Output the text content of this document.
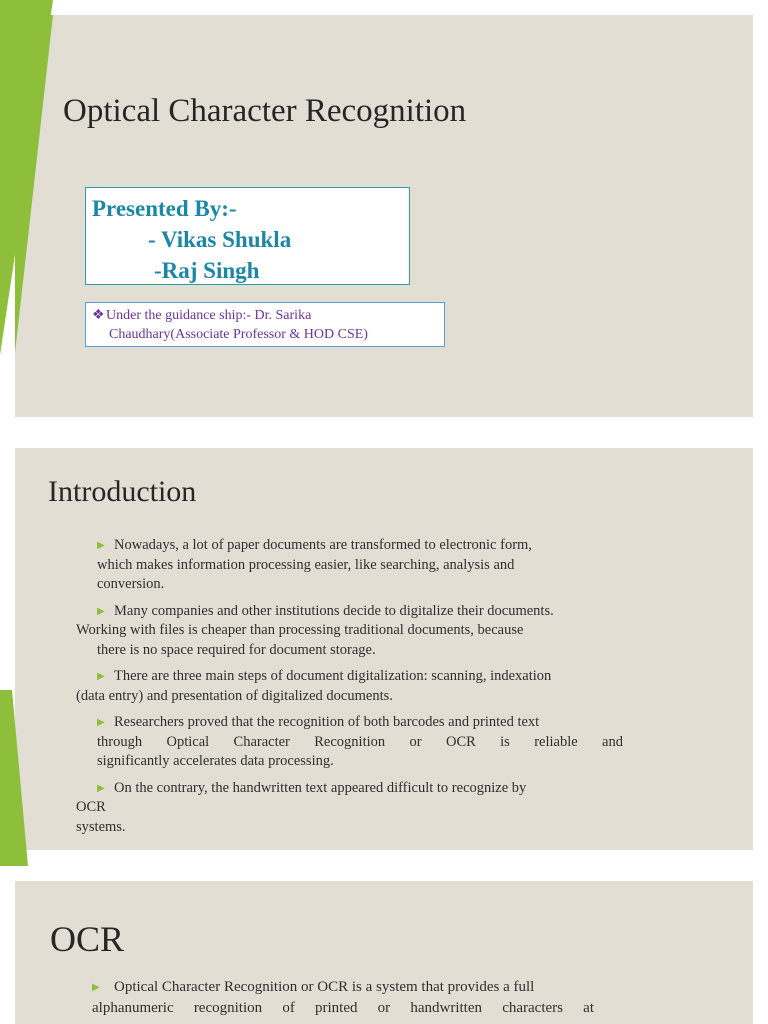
Optical Character Recognition
Presented By:-
- Vikas Shukla
-Raj Singh
❖Under the guidance ship:- Dr. Sarika
Chaudhary(Associate Professor & HOD CSE)
Introduction
▶ Nowadays, a lot of paper documents are transformed to electronic form,
which makes information processing easier, like searching, analysis and
conversion.
▶ Many companies and other institutions decide to digitalize their documents.
Working with files is cheaper than processing traditional documents, because
there is no space required for document storage.
▶ There are three main steps of document digitalization: scanning, indexation
(data entry) and presentation of digitalized documents.
▶ Researchers proved that the recognition of both barcodes and printed text
through Optical Character Recognition or OCR is reliable and
significantly accelerates data processing.
▶ On the contrary, the handwritten text appeared difficult to recognize by
OCR
systems.
OCR
▶ Optical Character Recognition or OCR is a system that provides a full
alphanumeric recognition of printed or handwritten characters at
